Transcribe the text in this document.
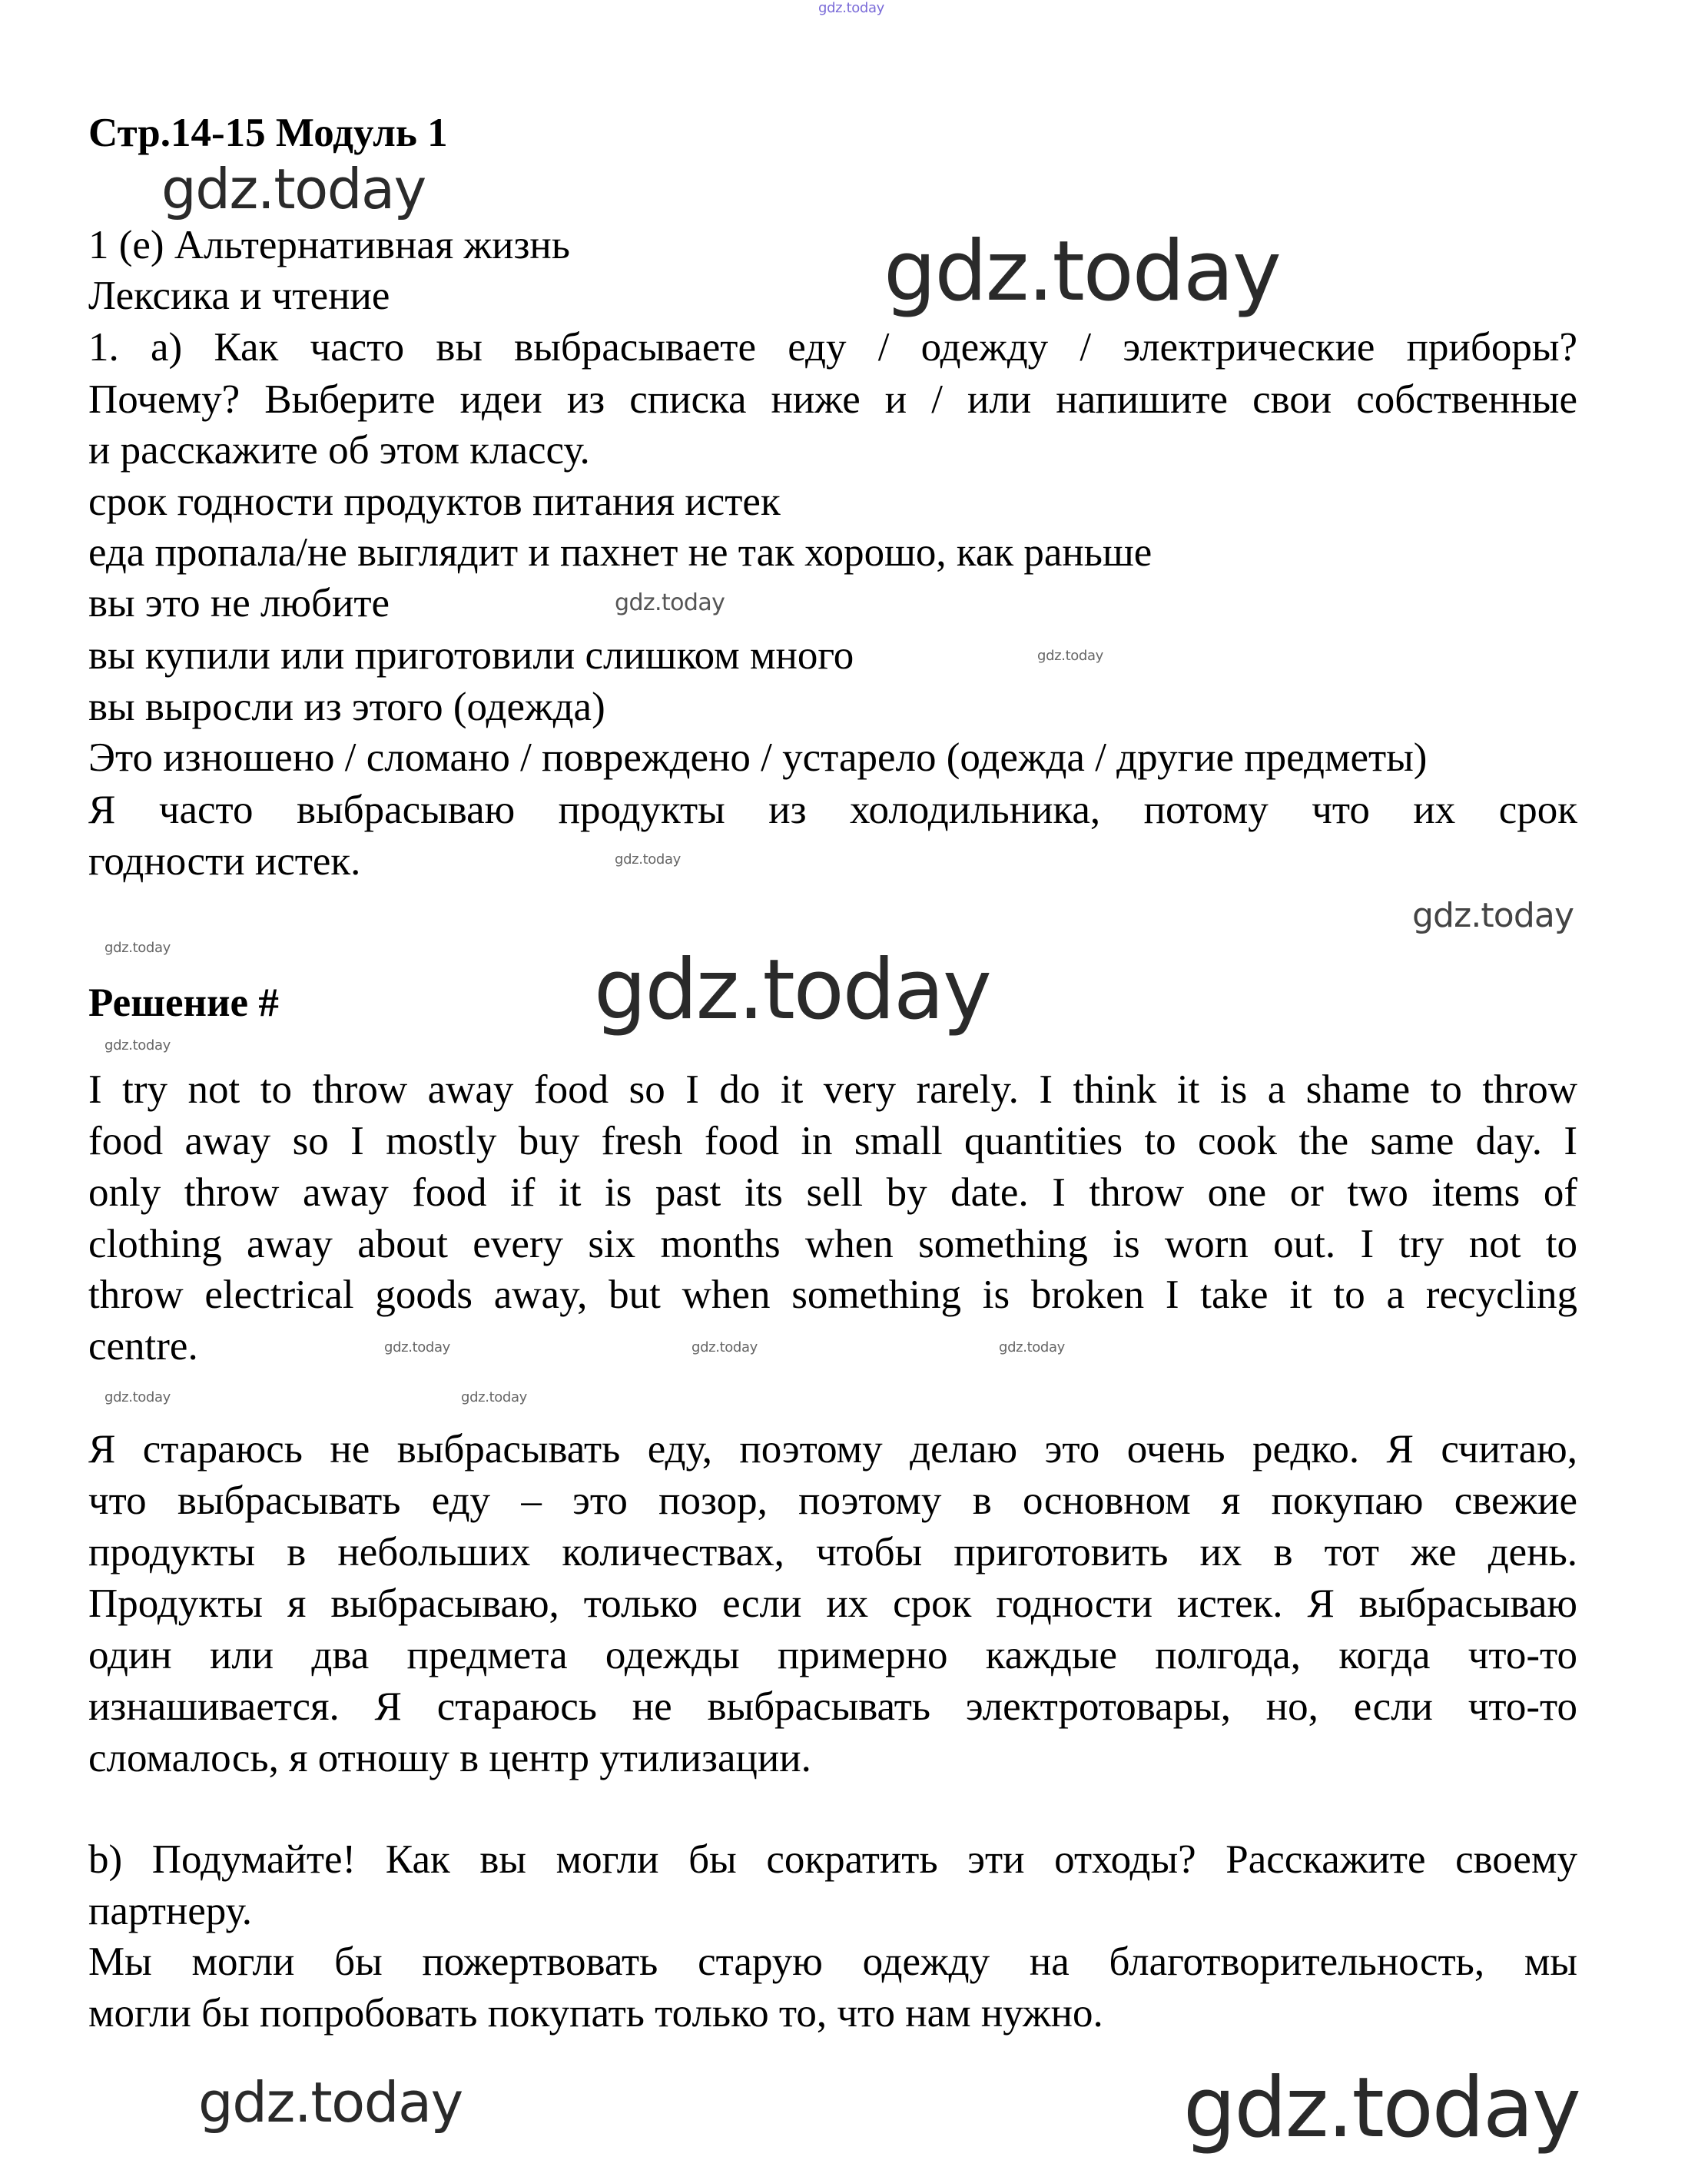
gdz.today
gdz.today
gdz.today
gdz.today
gdz.today
gdz.today
gdz.today
gdz.today
gdz.today
gdz.today
gdz.today	gdz.today	gdz.today
gdz.today	gdz.today
gdz.today
gdz.today
Стр.14-15 Модуль 1
1 (e) Альтернативная жизнь
Лексика и чтение
1. a) Как часто вы выбрасываете еду / одежду / электрические приборы?
Почему? Выберите идеи из списка ниже и / или напишите свои собственные
и расскажите об этом классу.
срок годности продуктов питания истек
еда пропала/не выглядит и пахнет не так хорошо, как раньше
вы это не любите
вы купили или приготовили слишком много
вы выросли из этого (одежда)
Это изношено / сломано / повреждено / устарело (одежда / другие предметы)
Я часто выбрасываю продукты из холодильника, потому что их срок
годности истек.
Решение #
I try not to throw away food so I do it very rarely. I think it is a shame to throw
food away so I mostly buy fresh food in small quantities to cook the same day. I
only throw away food if it is past its sell by date. I throw one or two items of
clothing away about every six months when something is worn out. I try not to
throw electrical goods away, but when something is broken I take it to a recycling
centre.
Я стараюсь не выбрасывать еду, поэтому делаю это очень редко. Я считаю,
что выбрасывать еду – это позор, поэтому в основном я покупаю свежие
продукты в небольших количествах, чтобы приготовить их в тот же день.
Продукты я выбрасываю, только если их срок годности истек. Я выбрасываю
один или два предмета одежды примерно каждые полгода, когда что-то
изнашивается. Я стараюсь не выбрасывать электротовары, но, если что-то
сломалось, я отношу в центр утилизации.
b) Подумайте! Как вы могли бы сократить эти отходы? Расскажите своему
партнеру.
Мы могли бы пожертвовать старую одежду на благотворительность, мы
могли бы попробовать покупать только то, что нам нужно.
